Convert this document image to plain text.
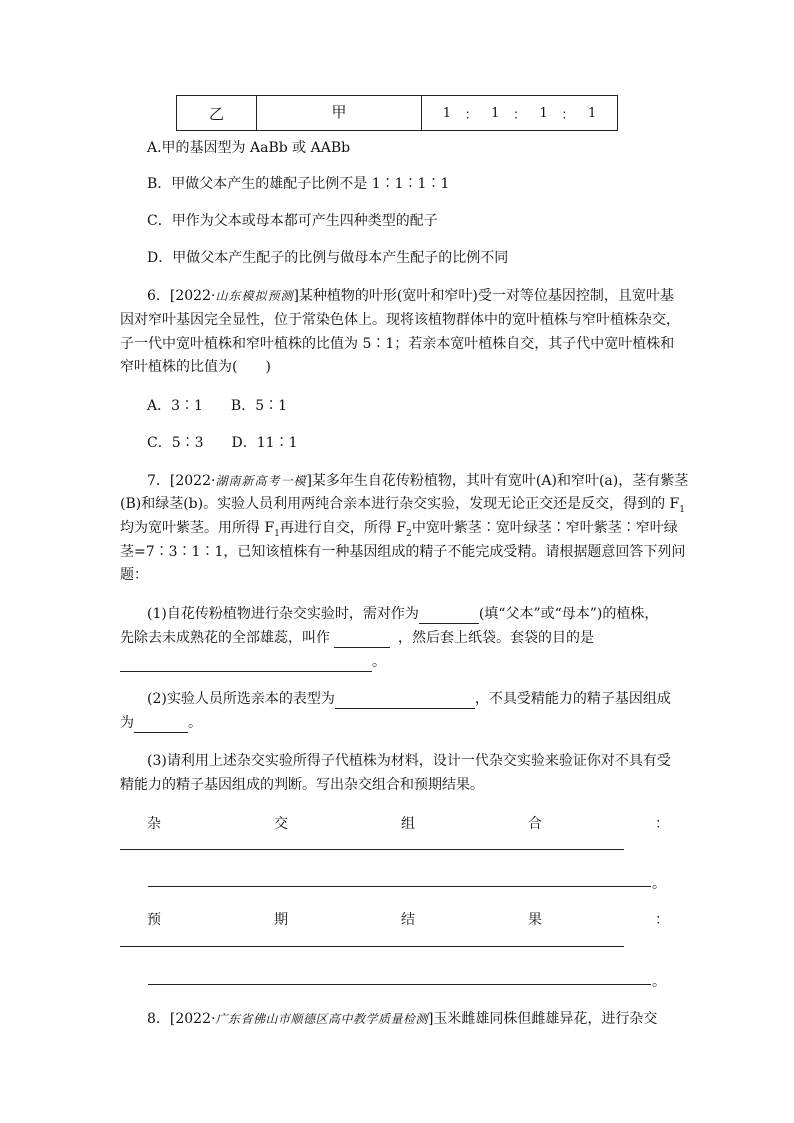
乙	甲	1 ： 1 ： 1 ： 1
A.甲的基因型为 AaBb 或 AABb
B．甲做父本产生的雄配子比例不是 1∶1∶1∶1
C．甲作为父本或母本都可产生四种类型的配子
D．甲做父本产生配子的比例与做母本产生配子的比例不同
6．[2022·山东模拟预测]某种植物的叶形(宽叶和窄叶)受一对等位基因控制，且宽叶基
因对窄叶基因完全显性，位于常染色体上。现将该植物群体中的宽叶植株与窄叶植株杂交，
子一代中宽叶植株和窄叶植株的比值为 5∶1；若亲本宽叶植株自交，其子代中宽叶植株和
窄叶植株的比值为(　　)
A．3∶1　　B．5∶1
C．5∶3　　D．11∶1
7．[2022·湖南新高考一模]某多年生自花传粉植物，其叶有宽叶(A)和窄叶(a)，茎有紫茎
(B)和绿茎(b)。实验人员利用两纯合亲本进行杂交实验，发现无论正交还是反交，得到的 $F_1$
均为宽叶紫茎。用所得 $F_1$再进行自交，所得 $F_2$中宽叶紫茎∶宽叶绿茎∶窄叶紫茎∶窄叶绿
茎=7∶3∶1∶1，已知该植株有一种基因组成的精子不能完成受精。请根据题意回答下列问
题：
(1)自花传粉植物进行杂交实验时，需对作为	(填“父本”或“母本”)的植株，
先除去未成熟花的全部雄蕊，叫作	，然后套上纸袋。套袋的目的是
。
(2)实验人员所选亲本的表型为	，不具受精能力的精子基因组成
为	。
(3)请利用上述杂交实验所得子代植株为材料，设计一代杂交实验来验证你对不具有受
精能力的精子基因组成的判断。写出杂交组合和预期结果。
杂	交	组	合	：
。
预	期	结	果	：
。
8．[2022·广东省佛山市顺德区高中教学质量检测]玉米雌雄同株但雌雄异花，进行杂交
